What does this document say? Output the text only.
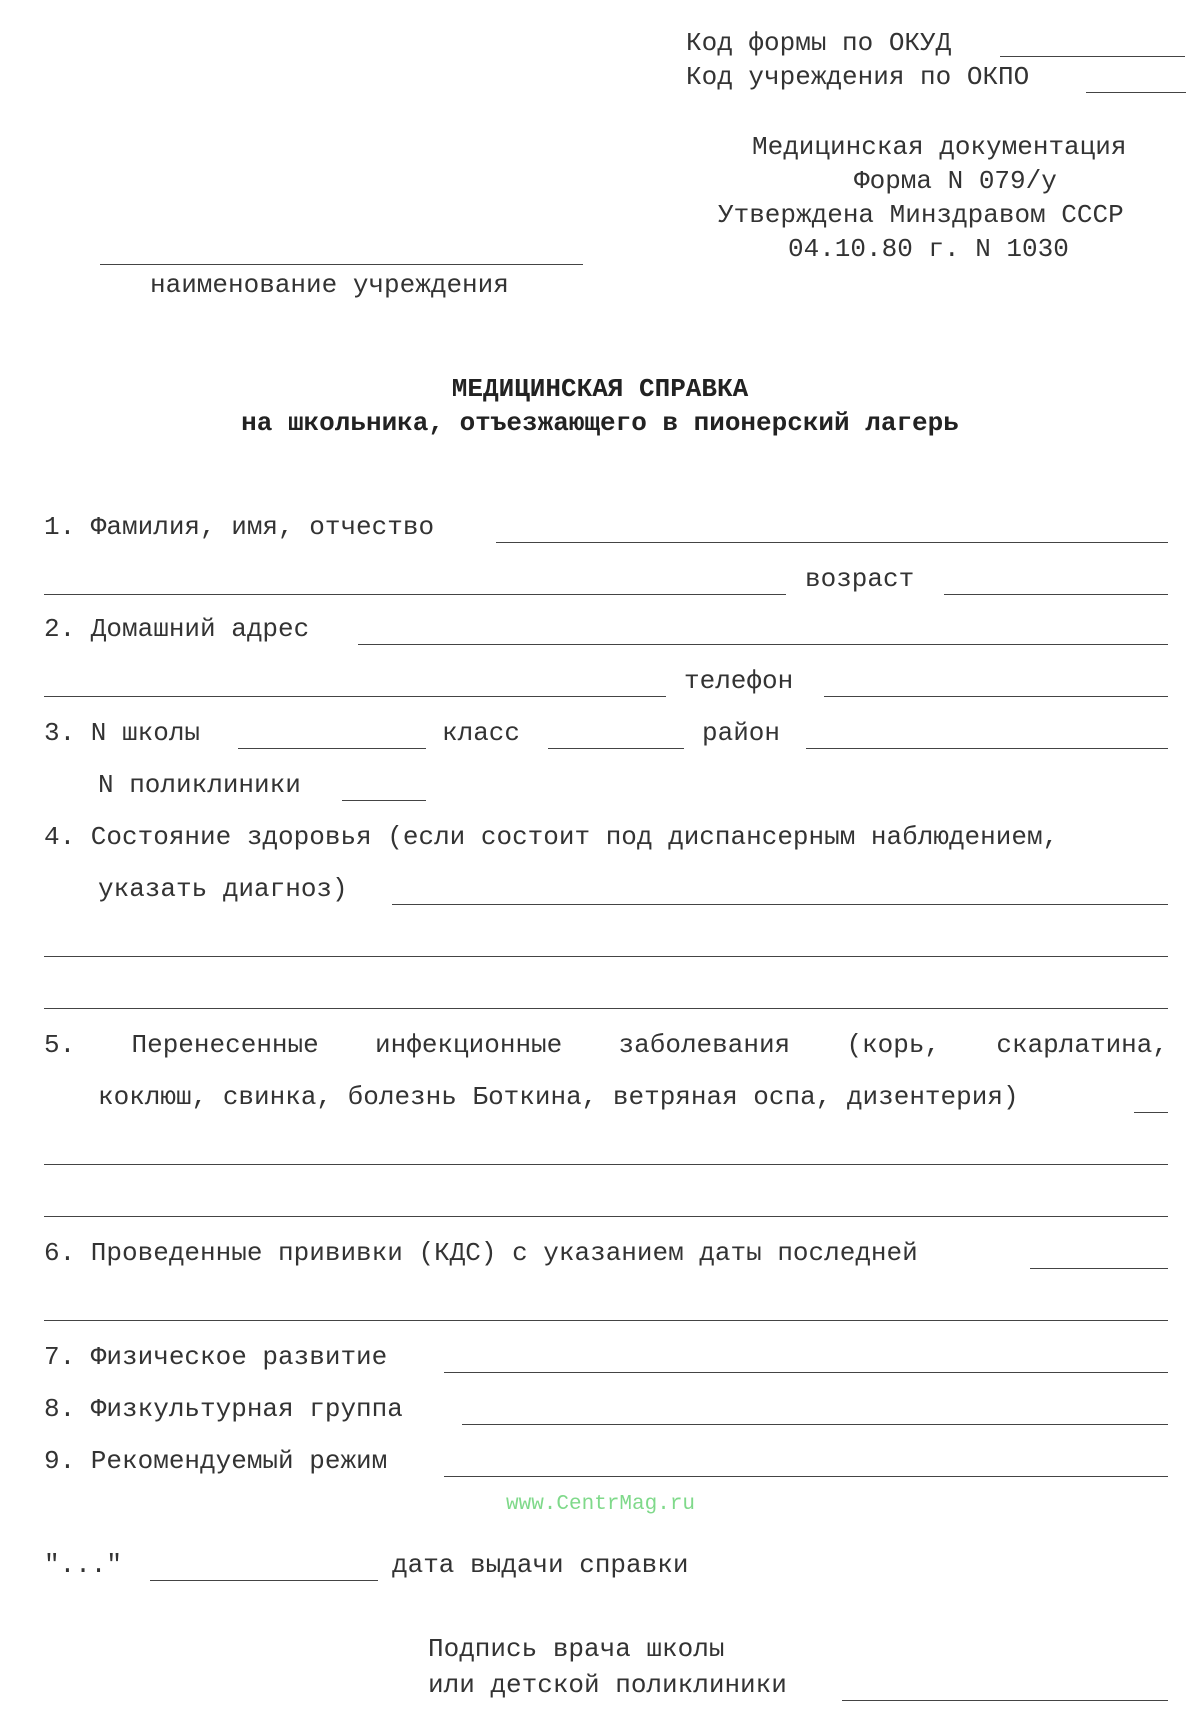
Код формы по ОКУД
Код учреждения по ОКПО
Медицинская документация
Форма N 079/у
Утверждена Минздравом СССР
04.10.80 г. N 1030
наименование учреждения
МЕДИЦИНСКАЯ СПРАВКА
на школьника, отъезжающего в пионерский лагерь
1. Фамилия, имя, отчество
возраст
2. Домашний адрес
телефон
3. N школы	класс	район
N поликлиники
4. Состояние здоровья (если состоит под диспансерным наблюдением,
указать диагноз)
5. Перенесенные инфекционные заболевания (корь, скарлатина,
коклюш, свинка, болезнь Боткина, ветряная оспа, дизентерия)
6. Проведенные прививки (КДС) с указанием даты последней
7. Физическое развитие
8. Физкультурная группа
9. Рекомендуемый режим
www.CentrMag.ru
"..."	дата выдачи справки
Подпись врача школы
или детской поликлиники
